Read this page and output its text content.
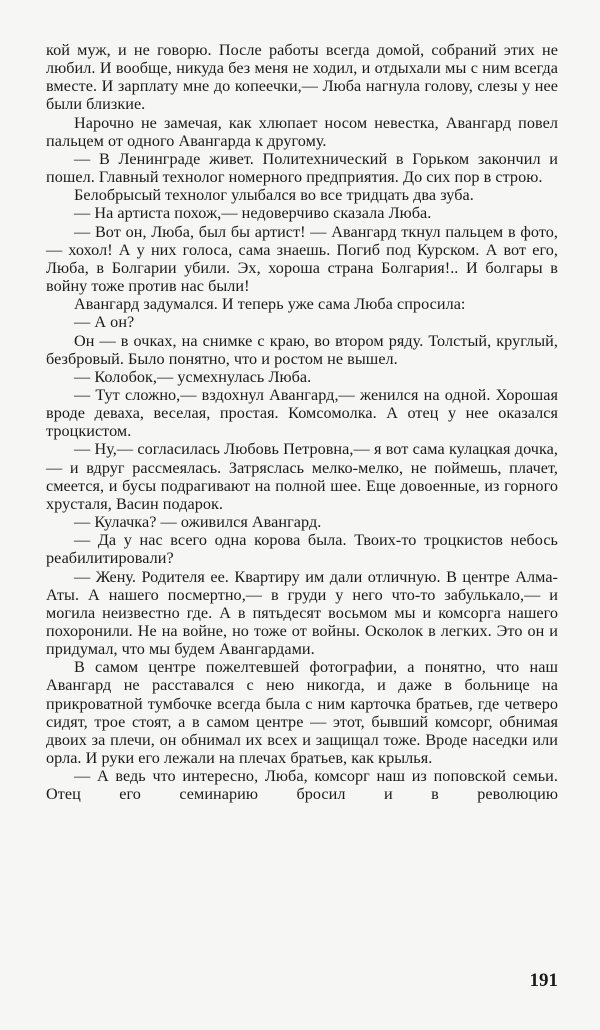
кой муж, и не говорю. После работы всегда домой, собраний этих не любил. И вообще, никуда без меня не ходил, и отдыхали мы с ним всегда вместе. И зарплату мне до копеечки,— Люба нагнула голову, слезы у нее были близкие.

Нарочно не замечая, как хлюпает носом невестка, Авангард повел пальцем от одного Авангарда к другому.

— В Ленинграде живет. Политехнический в Горьком закончил и пошел. Главный технолог номерного предприятия. До сих пор в строю.

Белобрысый технолог улыбался во все тридцать два зуба.

— На артиста похож,— недоверчиво сказала Люба.

— Вот он, Люба, был бы артист! — Авангард ткнул пальцем в фото,— хохол! А у них голоса, сама знаешь. Погиб под Курском. А вот его, Люба, в Болгарии убили. Эх, хороша страна Болгария!.. И болгары в войну тоже против нас были!

Авангард задумался. И теперь уже сама Люба спросила:

— А он?

Он — в очках, на снимке с краю, во втором ряду. Толстый, круглый, безбровый. Было понятно, что и ростом не вышел.

— Колобок,— усмехнулась Люба.

— Тут сложно,— вздохнул Авангард,— женился на одной. Хорошая вроде деваха, веселая, простая. Комсомолка. А отец у нее оказался троцкистом.

— Ну,— согласилась Любовь Петровна,— я вот сама кулацкая дочка,— и вдруг рассмеялась. Затряслась мелко-мелко, не поймешь, плачет, смеется, и бусы подрагивают на полной шее. Еще довоенные, из горного хрусталя, Васин подарок.

— Кулачка? — оживился Авангард.

— Да у нас всего одна корова была. Твоих-то троцкистов небось реабилитировали?

— Жену. Родителя ее. Квартиру им дали отличную. В центре Алма-Аты. А нашего посмертно,— в груди у него что-то забулькало,— и могила неизвестно где. А в пятьдесят восьмом мы и комсорга нашего похоронили. Не на войне, но тоже от войны. Осколок в легких. Это он и придумал, что мы будем Авангардами.

В самом центре пожелтевшей фотографии, а понятно, что наш Авангард не расставался с нею никогда, и даже в больнице на прикроватной тумбочке всегда была с ним карточка братьев, где четверо сидят, трое стоят, а в самом центре — этот, бывший комсорг, обнимая двоих за плечи, он обнимал их всех и защищал тоже. Вроде наседки или орла. И руки его лежали на плечах братьев, как крылья.

— А ведь что интересно, Люба, комсорг наш из поповской семьи. Отец его семинарию бросил и в революцию

191
